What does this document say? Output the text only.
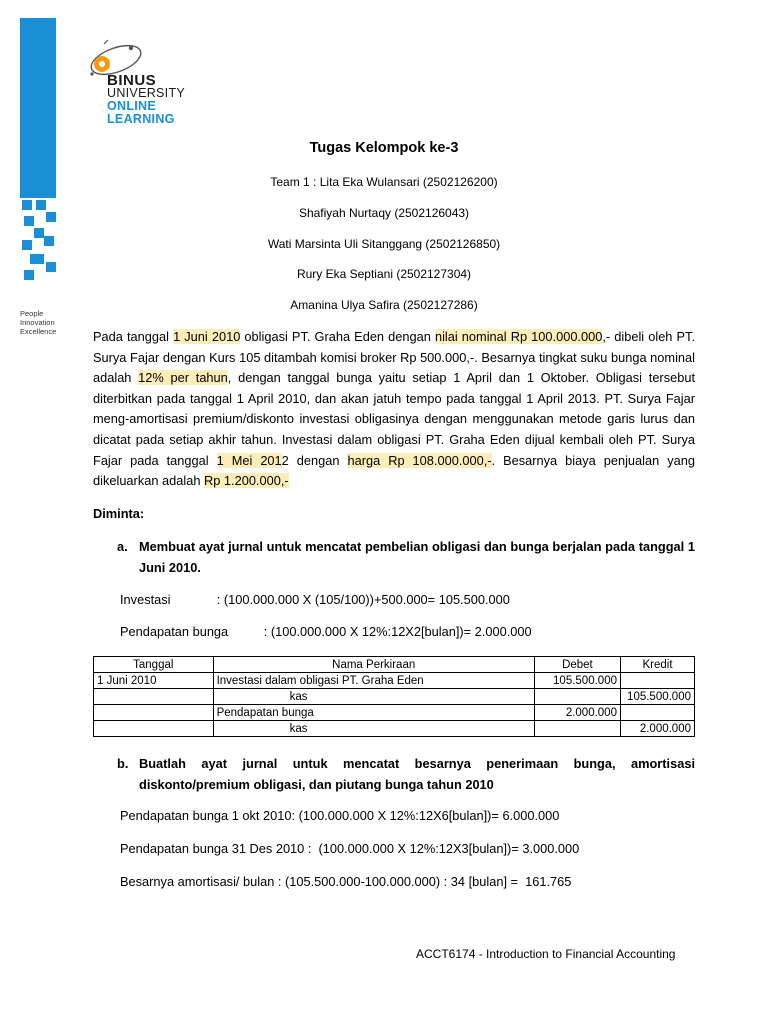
People
Innovation
Excellence
BINUS
UNIVERSITY
ONLINE
LEARNING
Tugas Kelompok ke-3
Team 1 : Lita Eka Wulansari (2502126200)
Shafiyah Nurtaqy (2502126043)
Wati Marsinta Uli Sitanggang (2502126850)
Rury Eka Septiani (2502127304)
Amanina Ulya Safira (2502127286)
Pada tanggal 1 Juni 2010 obligasi PT. Graha Eden dengan nilai nominal Rp 100.000.000,- dibeli oleh PT. Surya Fajar dengan Kurs 105 ditambah komisi broker Rp 500.000,-. Besarnya tingkat suku bunga nominal adalah 12% per tahun, dengan tanggal bunga yaitu setiap 1 April dan 1 Oktober. Obligasi tersebut diterbitkan pada tanggal 1 April 2010, dan akan jatuh tempo pada tanggal 1 April 2013. PT. Surya Fajar meng-amortisasi premium/diskonto investasi obligasinya dengan menggunakan metode garis lurus dan dicatat pada setiap akhir tahun. Investasi dalam obligasi PT. Graha Eden dijual kembali oleh PT. Surya Fajar pada tanggal 1 Mei 2012 dengan harga Rp 108.000.000,-. Besarnya biaya penjualan yang dikeluarkan adalah Rp 1.200.000,-
Diminta:
a. Membuat ayat jurnal untuk mencatat pembelian obligasi dan bunga berjalan pada tanggal 1 Juni 2010.
Investasi             : (100.000.000 X (105/100))+500.000= 105.500.000
Pendapatan bunga          : (100.000.000 X 12%:12X2[bulan])= 2.000.000
Tanggal	Nama Perkiraan	Debet	Kredit
1 Juni 2010	Investasi dalam obligasi PT. Graha Eden	105.500.000	
	kas		105.500.000
	Pendapatan bunga	2.000.000	
	kas		2.000.000
b. Buatlah ayat jurnal untuk mencatat besarnya penerimaan bunga, amortisasi diskonto/premium obligasi, dan piutang bunga tahun 2010
Pendapatan bunga 1 okt 2010: (100.000.000 X 12%:12X6[bulan])= 6.000.000
Pendapatan bunga 31 Des 2010 :  (100.000.000 X 12%:12X3[bulan])= 3.000.000
Besarnya amortisasi/ bulan : (105.500.000-100.000.000) : 34 [bulan] =  161.765
ACCT6174 - Introduction to Financial Accounting
